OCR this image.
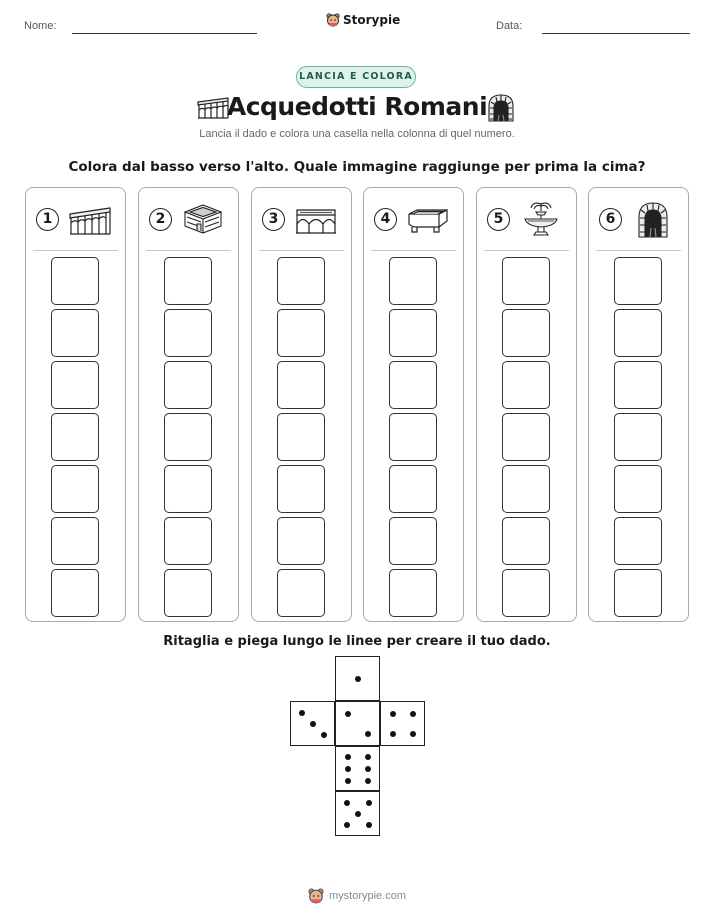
Nome:	Storypie	Data:
LANCIA E COLORA
Acquedotti Romani
Lancia il dado e colora una casella nella colonna di quel numero.
Colora dal basso verso l'alto. Quale immagine raggiunge per prima la cima?
1	2	3	4	5	6
Ritaglia e piega lungo le linee per creare il tuo dado.
mystorypie.com
